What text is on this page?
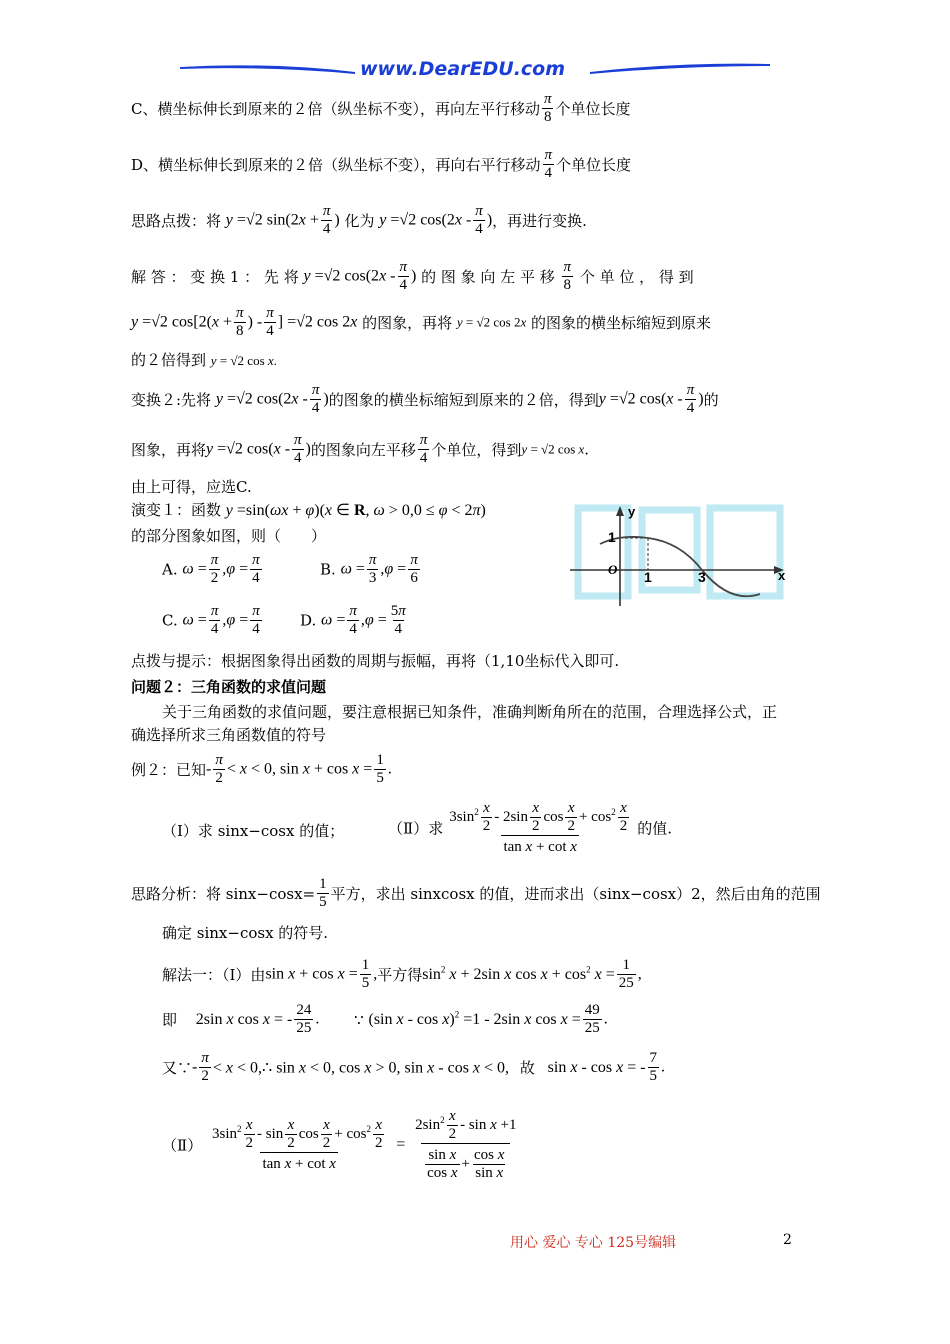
www.DearEDU.com
C、横坐标伸长到原来的２倍（纵坐标不变），再向左平行移动 $\frac{\pi}{8}$ 个单位长度
D、横坐标伸长到原来的２倍（纵坐标不变），再向右平行移动 $\frac{\pi}{4}$ 个单位长度
思路点拨：将 y =√2 $\sin(2x + \frac{\pi}{4}$ ) 化为 y =√2 $\cos(2x - \frac{\pi}{4}$ )，再进行变换.
解 答 ： 变 换 1 ： 先 将 y =√2 $\cos(2x - \frac{\pi}{4}$ ) 的 图 象 向 左 平 移 $\frac{\pi}{8}$ 个 单 位 ， 得 到
y =√2 $\cos[2(x + \frac{\pi}{8}$ ) - $\frac{\pi}{4}$ ] =√2 cos 2x 的图象，再将 y = √2 cos 2x 的图象的横坐标缩短到原来
的２倍得到 y = √2 cos x.
变换２:先将 y =√2 $\cos(2x - \frac{\pi}{4}$ )的图象的横坐标缩短到原来的２倍，得到y =√2 $\cos(x - \frac{\pi}{4}$ )的
图象，再将y =√2 $\cos(x - \frac{\pi}{4}$ )的图象向左平移 $\frac{\pi}{4}$ 个单位，得到y = √2 cos x.
由上可得，应选C.
演变１：函数 y =sin(ωx + φ)(x ∈ R, ω > 0,0 ≤ φ < 2π)
的部分图象如图，则（　　）
A. $\omega = \frac{\pi}{2} ,\varphi = \frac{\pi}{4}$	B. $\omega = \frac{\pi}{3} ,\varphi = \frac{\pi}{6}$
C. $\omega = \frac{\pi}{4} ,\varphi = \frac{\pi}{4}$	D. $\omega = \frac{\pi}{4} ,\varphi = \frac{5\pi}{4}$
y
x
1
O 1	3
点拨与提示：根据图象得出函数的周期与振幅，再将（1,10坐标代入即可.
问题２：三角函数的求值问题
关于三角函数的求值问题，要注意根据已知条件，准确判断角所在的范围，合理选择公式，正
确选择所求三角函数值的符号
例２：已知- $\frac{\pi}{2} < x < 0$, $\sin x + \cos x = \frac{1}{5}$ .
（Ⅰ）求 sinx−cosx 的值；	（Ⅱ）求 $\frac{3\sin^2 \frac{x}{2} - 2\sin \frac{x}{2} \cos \frac{x}{2} + \cos^2 \frac{x}{2}}{\text{tan x + cot x}}$ 的值.
思路分析：将 $\sin x-\cos x= \frac{1}{5}$ 平方，求出 sinxcosx 的值，进而求出（sinx−cosx）2，然后由角的范围
确定 sinx−cosx 的符号.
解法一：（Ⅰ）由$\sin x + \cos x = \frac{1}{5}$ ,平方得$\sin^2 x + 2\sin$ x $\cos x + \cos^2 x = \frac{1}{25}$ ,
即 2sin x cos x = - $\frac{24}{25}$ . ∵ (sin x - cos x)$^2$ =1 - 2sin x $\cos x = \frac{49}{25}$ .
又∵- $\frac{\pi}{2} < x$ < 0,∴ sin x < 0, cos x > 0, sin x - cos x < 0, 故 sin x - cos x = - $\frac{7}{5}$ .
（Ⅱ） $\frac{3\sin^2 \frac{x}{2} - \sin \frac{x}{2} \cos \frac{x}{2} + \cos^2 \frac{x}{2}}{\text{tan x + cot x}} = \frac{2\sin^2 \frac{x}{2} - \sin x +1}{\frac{\text{sin x}}{\text{cos x}} + \frac{\text{cos x}}{\text{sin x}}}$
用心 爱心 专心 125号编辑	2
